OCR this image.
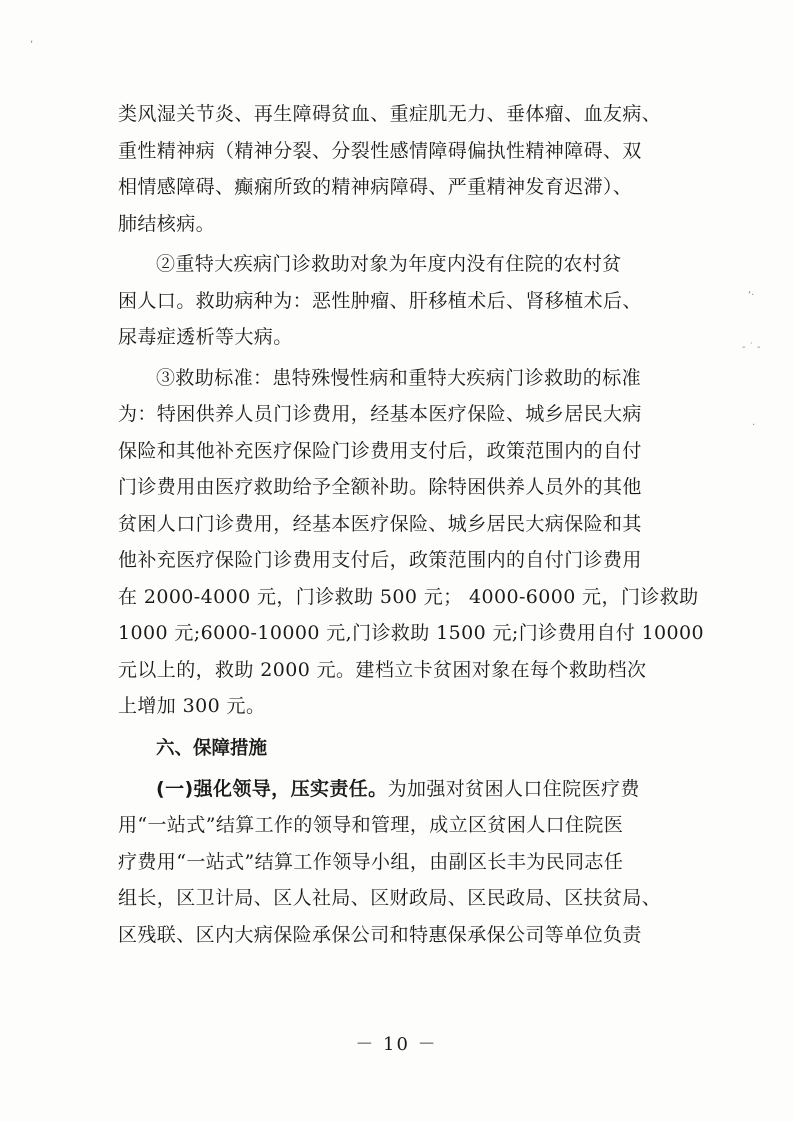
,
‘·
- ˙ -
·

类风湿关节炎、再生障碍贫血、重症肌无力、垂体瘤、血友病、
重性精神病（精神分裂、分裂性感情障碍偏执性精神障碍、双
相情感障碍、癫痫所致的精神病障碍、严重精神发育迟滞）、
肺结核病。

②重特大疾病门诊救助对象为年度内没有住院的农村贫
困人口。救助病种为：恶性肿瘤、肝移植术后、肾移植术后、
尿毒症透析等大病。

③救助标准：患特殊慢性病和重特大疾病门诊救助的标准
为：特困供养人员门诊费用，经基本医疗保险、城乡居民大病
保险和其他补充医疗保险门诊费用支付后，政策范围内的自付
门诊费用由医疗救助给予全额补助。除特困供养人员外的其他
贫困人口门诊费用，经基本医疗保险、城乡居民大病保险和其
他补充医疗保险门诊费用支付后，政策范围内的自付门诊费用
在 2000-4000 元，门诊救助 500 元； 4000-6000 元，门诊救助
1000 元;6000-10000 元,门诊救助 1500 元;门诊费用自付 10000
元以上的，救助 2000 元。建档立卡贫困对象在每个救助档次
上增加 300 元。

六、保障措施

(一)强化领导，压实责任。为加强对贫困人口住院医疗费
用“一站式”结算工作的领导和管理，成立区贫困人口住院医
疗费用“一站式”结算工作领导小组，由副区长丰为民同志任
组长，区卫计局、区人社局、区财政局、区民政局、区扶贫局、
区残联、区内大病保险承保公司和特惠保承保公司等单位负责

－ 10 －
